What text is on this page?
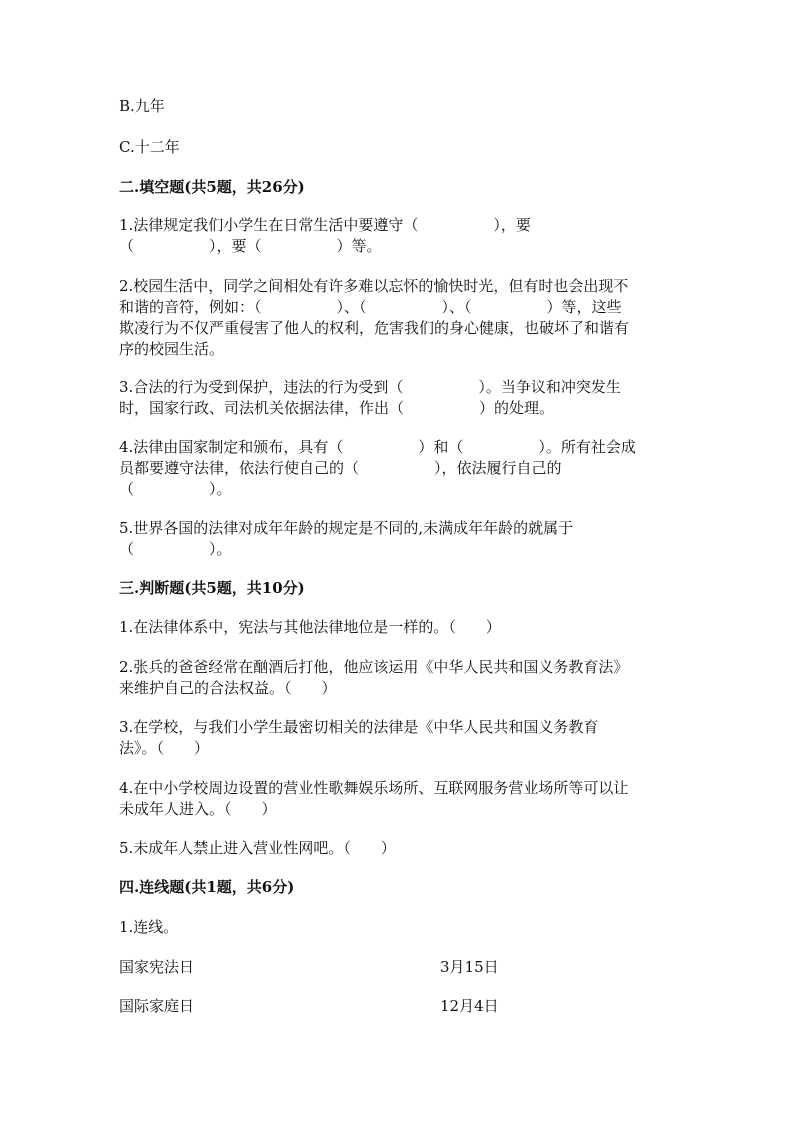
B.九年
C.十二年
二.填空题(共5题，共26分)
1.法律规定我们小学生在日常生活中要遵守（　　　　　），要
（　　　　　），要（　　　　　）等。
2.校园生活中，同学之间相处有许多难以忘怀的愉快时光，但有时也会出现不
和谐的音符，例如：（　　　　　）、（　　　　　）、（　　　　　）等，这些
欺凌行为不仅严重侵害了他人的权利，危害我们的身心健康，也破坏了和谐有
序的校园生活。
3.合法的行为受到保护，违法的行为受到（　　　　　）。当争议和冲突发生
时，国家行政、司法机关依据法律，作出（　　　　　）的处理。
4.法律由国家制定和颁布，具有（　　　　　）和（　　　　　）。所有社会成
员都要遵守法律，依法行使自己的（　　　　　），依法履行自己的
（　　　　　）。
5.世界各国的法律对成年年龄的规定是不同的,未满成年年龄的就属于
（　　　　　）。
三.判断题(共5题，共10分)
1.在法律体系中，宪法与其他法律地位是一样的。（　　）
2.张兵的爸爸经常在酗酒后打他，他应该运用《中华人民共和国义务教育法》
来维护自己的合法权益。（　　）
3.在学校，与我们小学生最密切相关的法律是《中华人民共和国义务教育
法》。（　　）
4.在中小学校周边设置的营业性歌舞娱乐场所、互联网服务营业场所等可以让
未成年人进入。（　　）
5.未成年人禁止进入营业性网吧。（　　）
四.连线题(共1题，共6分)
1.连线。
国家宪法日	3月15日
国际家庭日	12月4日
